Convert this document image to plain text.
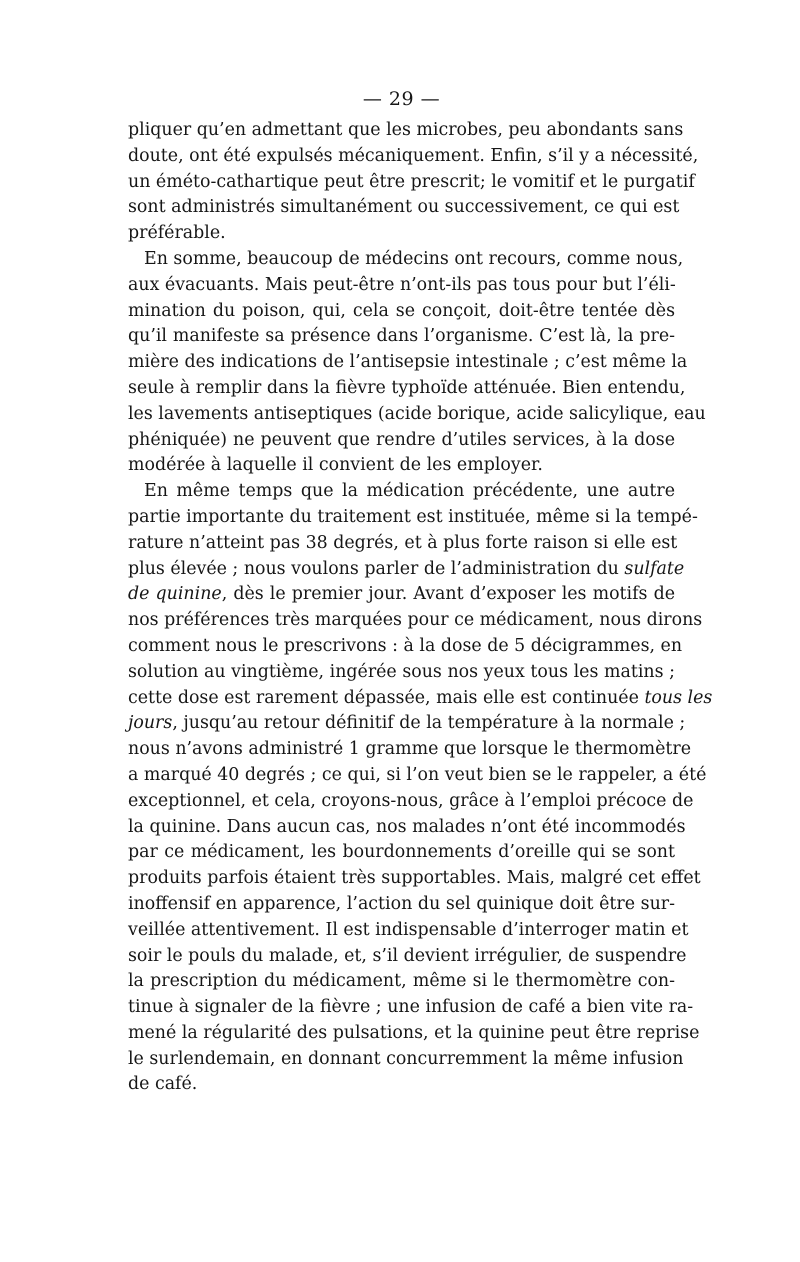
— 29 —
pliquer qu’en admettant que les microbes, peu abondants sans
doute, ont été expulsés mécaniquement. Enfin, s’il y a nécessité,
un éméto-cathartique peut être prescrit; le vomitif et le purgatif
sont administrés simultanément ou successivement, ce qui est
préférable.
En somme, beaucoup de médecins ont recours, comme nous,
aux évacuants. Mais peut-être n’ont-ils pas tous pour but l’éli-
mination du poison, qui, cela se conçoit, doit-être tentée dès
qu’il manifeste sa présence dans l’organisme. C’est là, la pre-
mière des indications de l’antisepsie intestinale ; c’est même la
seule à remplir dans la fièvre typhoïde atténuée. Bien entendu,
les lavements antiseptiques (acide borique, acide salicylique, eau
phéniquée) ne peuvent que rendre d’utiles services, à la dose
modérée à laquelle il convient de les employer.
En même temps que la médication précédente, une autre
partie importante du traitement est instituée, même si la tempé-
rature n’atteint pas 38 degrés, et à plus forte raison si elle est
plus élevée ; nous voulons parler de l’administration du sulfate
de quinine, dès le premier jour. Avant d’exposer les motifs de
nos préférences très marquées pour ce médicament, nous dirons
comment nous le prescrivons : à la dose de 5 décigrammes, en
solution au vingtième, ingérée sous nos yeux tous les matins ;
cette dose est rarement dépassée, mais elle est continuée tous les
jours, jusqu’au retour définitif de la température à la normale ;
nous n’avons administré 1 gramme que lorsque le thermomètre
a marqué 40 degrés ; ce qui, si l’on veut bien se le rappeler, a été
exceptionnel, et cela, croyons-nous, grâce à l’emploi précoce de
la quinine. Dans aucun cas, nos malades n’ont été incommodés
par ce médicament, les bourdonnements d’oreille qui se sont
produits parfois étaient très supportables. Mais, malgré cet effet
inoffensif en apparence, l’action du sel quinique doit être sur-
veillée attentivement. Il est indispensable d’interroger matin et
soir le pouls du malade, et, s’il devient irrégulier, de suspendre
la prescription du médicament, même si le thermomètre con-
tinue à signaler de la fièvre ; une infusion de café a bien vite ra-
mené la régularité des pulsations, et la quinine peut être reprise
le surlendemain, en donnant concurremment la même infusion
de café.
